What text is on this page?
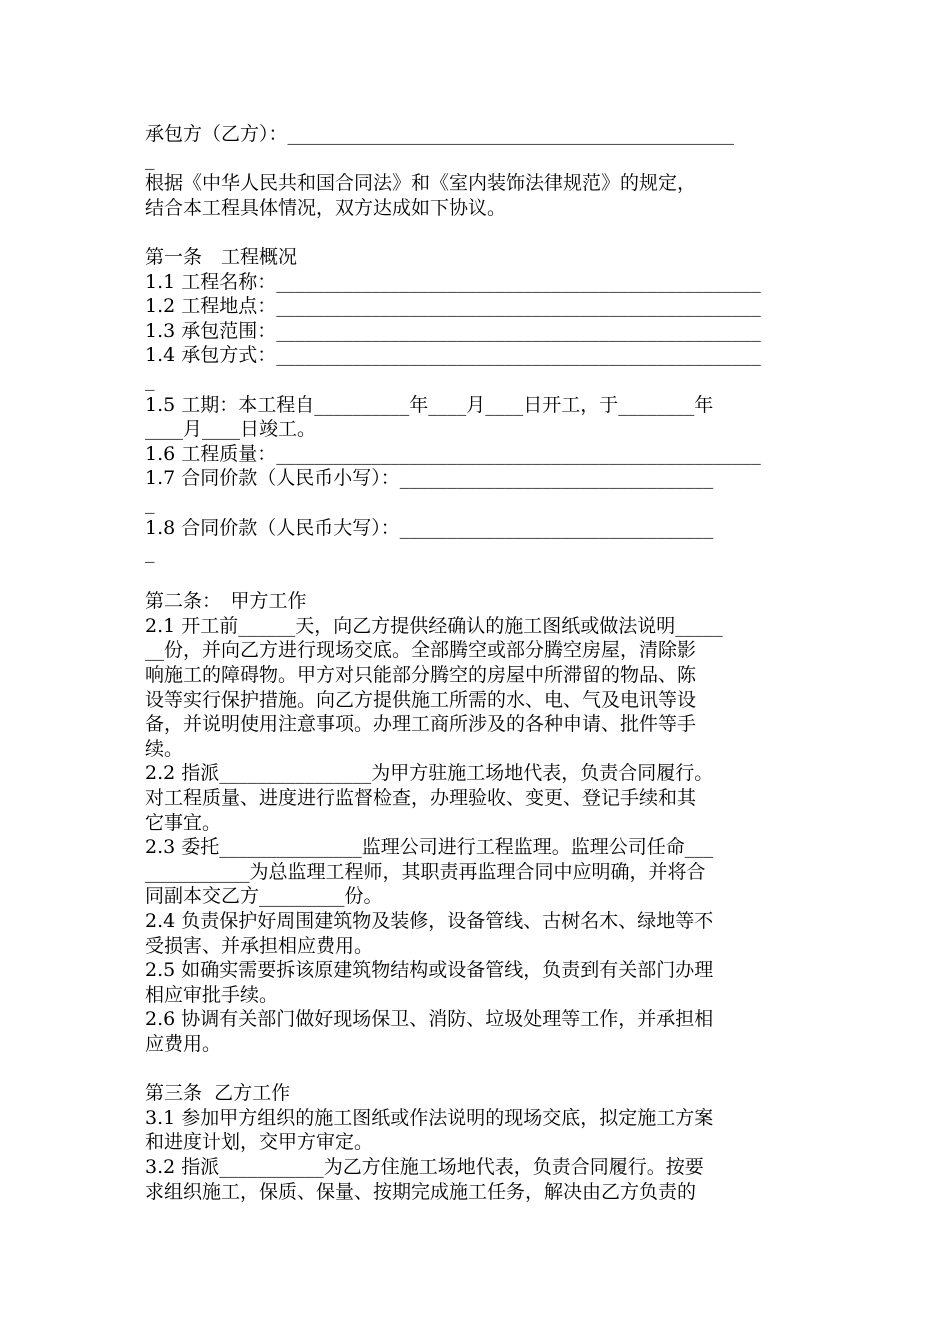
承包方（乙方）：_______________________________________________
_
根据《中华人民共和国合同法》和《室内装饰法律规范》的规定，
结合本工程具体情况，双方达成如下协议。
第一条　工程概况
1.1 工程名称：___________________________________________________
1.2 工程地点：___________________________________________________
1.3 承包范围：___________________________________________________
1.4 承包方式：___________________________________________________
_
1.5 工期：本工程自__________年____月____日开工，于________年
____月____日竣工。
1.6 工程质量：___________________________________________________
1.7 合同价款（人民币小写）：_________________________________
_
1.8 合同价款（人民币大写）：_________________________________
_
第二条：　甲方工作
2.1 开工前______天，向乙方提供经确认的施工图纸或做法说明_____
__份，并向乙方进行现场交底。全部腾空或部分腾空房屋，清除影
响施工的障碍物。甲方对只能部分腾空的房屋中所滞留的物品、陈
设等实行保护措施。向乙方提供施工所需的水、电、气及电讯等设
备，并说明使用注意事项。办理工商所涉及的各种申请、批件等手
续。
2.2 指派________________为甲方驻施工场地代表，负责合同履行。
对工程质量、进度进行监督检查，办理验收、变更、登记手续和其
它事宜。
2.3 委托_______________监理公司进行工程监理。监理公司任命___
___________为总监理工程师，其职责再监理合同中应明确，并将合
同副本交乙方_________份。
2.4 负责保护好周围建筑物及装修，设备管线、古树名木、绿地等不
受损害、并承担相应费用。
2.5 如确实需要拆该原建筑物结构或设备管线，负责到有关部门办理
相应审批手续。
2.6 协调有关部门做好现场保卫、消防、垃圾处理等工作，并承担相
应费用。
第三条  乙方工作
3.1 参加甲方组织的施工图纸或作法说明的现场交底，拟定施工方案
和进度计划，交甲方审定。
3.2 指派___________为乙方住施工场地代表，负责合同履行。按要
求组织施工，保质、保量、按期完成施工任务，解决由乙方负责的
